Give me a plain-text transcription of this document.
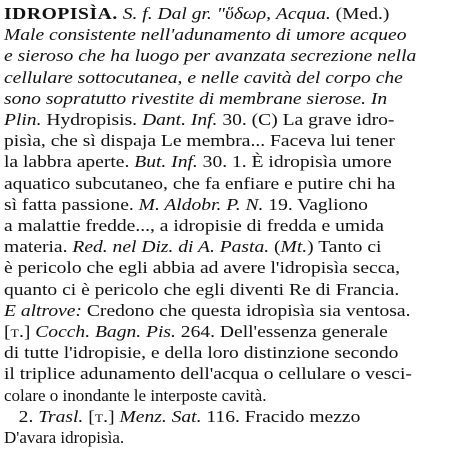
IDROPISÌA. S. f. Dal gr. "ὕδωρ, Acqua. (Med.)
Male consistente nell'adunamento di umore acqueo
e sieroso che ha luogo per avanzata secrezione nella
cellulare sottocutanea, e nelle cavità del corpo che
sono sopratutto rivestite di membrane sierose. In
Plin. Hydropisis. Dant. Inf. 30. (C) La grave idro-
pisìa, che sì dispaja Le membra... Faceva lui tener
la labbra aperte. But. Inf. 30. 1. È idropisìa umore
aquatico subcutaneo, che fa enfiare e putire chi ha
sì fatta passione. M. Aldobr. P. N. 19. Vagliono
a malattie fredde..., a idropisie di fredda e umida
materia. Red. nel Diz. di A. Pasta. (Mt.) Tanto ci
è pericolo che egli abbia ad avere l'idropisìa secca,
quanto ci è pericolo che egli diventi Re di Francia.
E altrove: Credono che questa idropisìa sia ventosa.
[t.] Cocch. Bagn. Pis. 264. Dell'essenza generale
di tutte l'idropisie, e della loro distinzione secondo
il triplice adunamento dell'acqua o cellulare o vesci-
colare o inondante le interposte cavità.
2. Trasl. [t.] Menz. Sat. 116. Fracido mezzo
D'avara idropisìa.
